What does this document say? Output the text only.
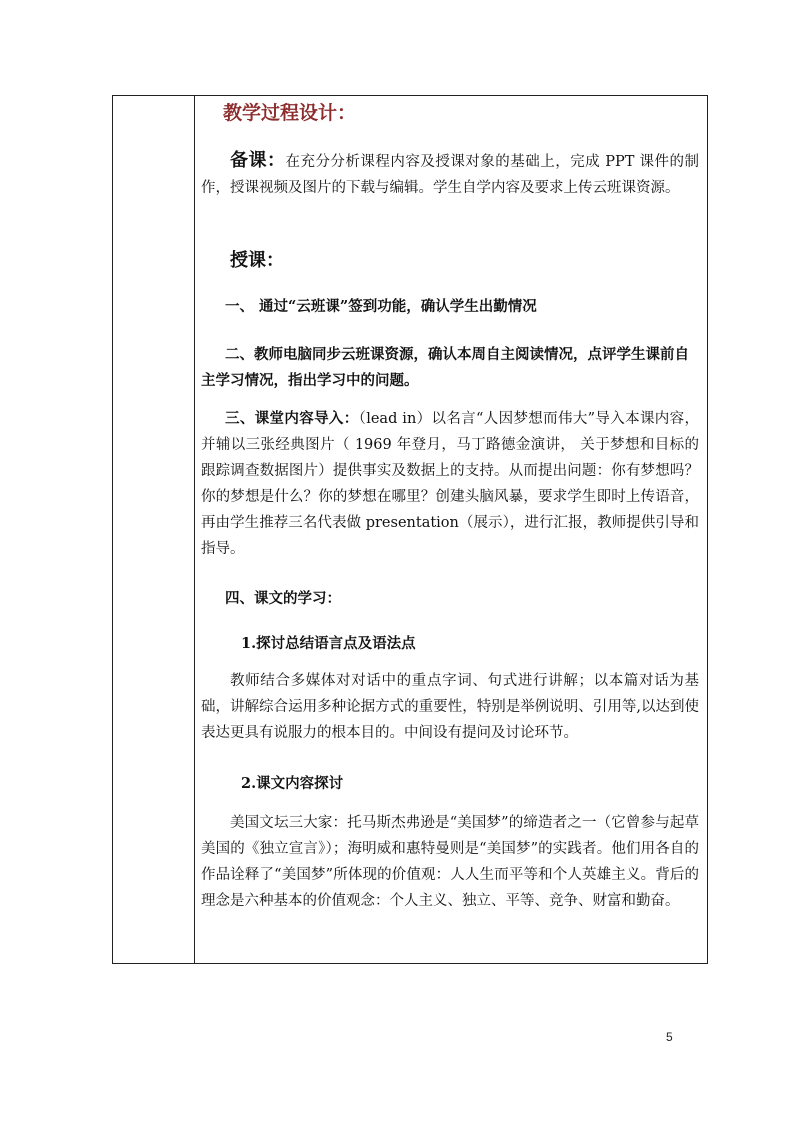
教学过程设计：
备课：在充分分析课程内容及授课对象的基础上，完成 PPT 课件的制作，授课视频及图片的下载与编辑。学生自学内容及要求上传云班课资源。
授课：
一、 通过“云班课”签到功能，确认学生出勤情况
二、教师电脑同步云班课资源，确认本周自主阅读情况，点评学生课前自主学习情况，指出学习中的问题。
三、课堂内容导入：（lead in）以名言“人因梦想而伟大”导入本课内容，并辅以三张经典图片（ 1969 年登月，马丁路德金演讲， 关于梦想和目标的跟踪调查数据图片）提供事实及数据上的支持。从而提出问题：你有梦想吗？你的梦想是什么？你的梦想在哪里？创建头脑风暴，要求学生即时上传语音，再由学生推荐三名代表做 presentation（展示），进行汇报，教师提供引导和指导。
四、课文的学习：
1.探讨总结语言点及语法点
教师结合多媒体对对话中的重点字词、句式进行讲解；以本篇对话为基础，讲解综合运用多种论据方式的重要性，特别是举例说明、引用等,以达到使表达更具有说服力的根本目的。中间设有提问及讨论环节。
2.课文内容探讨
美国文坛三大家：托马斯杰弗逊是“美国梦”的缔造者之一（它曾参与起草美国的《独立宣言》）；海明威和惠特曼则是“美国梦”的实践者。他们用各自的作品诠释了“美国梦”所体现的价值观：人人生而平等和个人英雄主义。背后的理念是六种基本的价值观念：个人主义、独立、平等、竞争、财富和勤奋。
5
